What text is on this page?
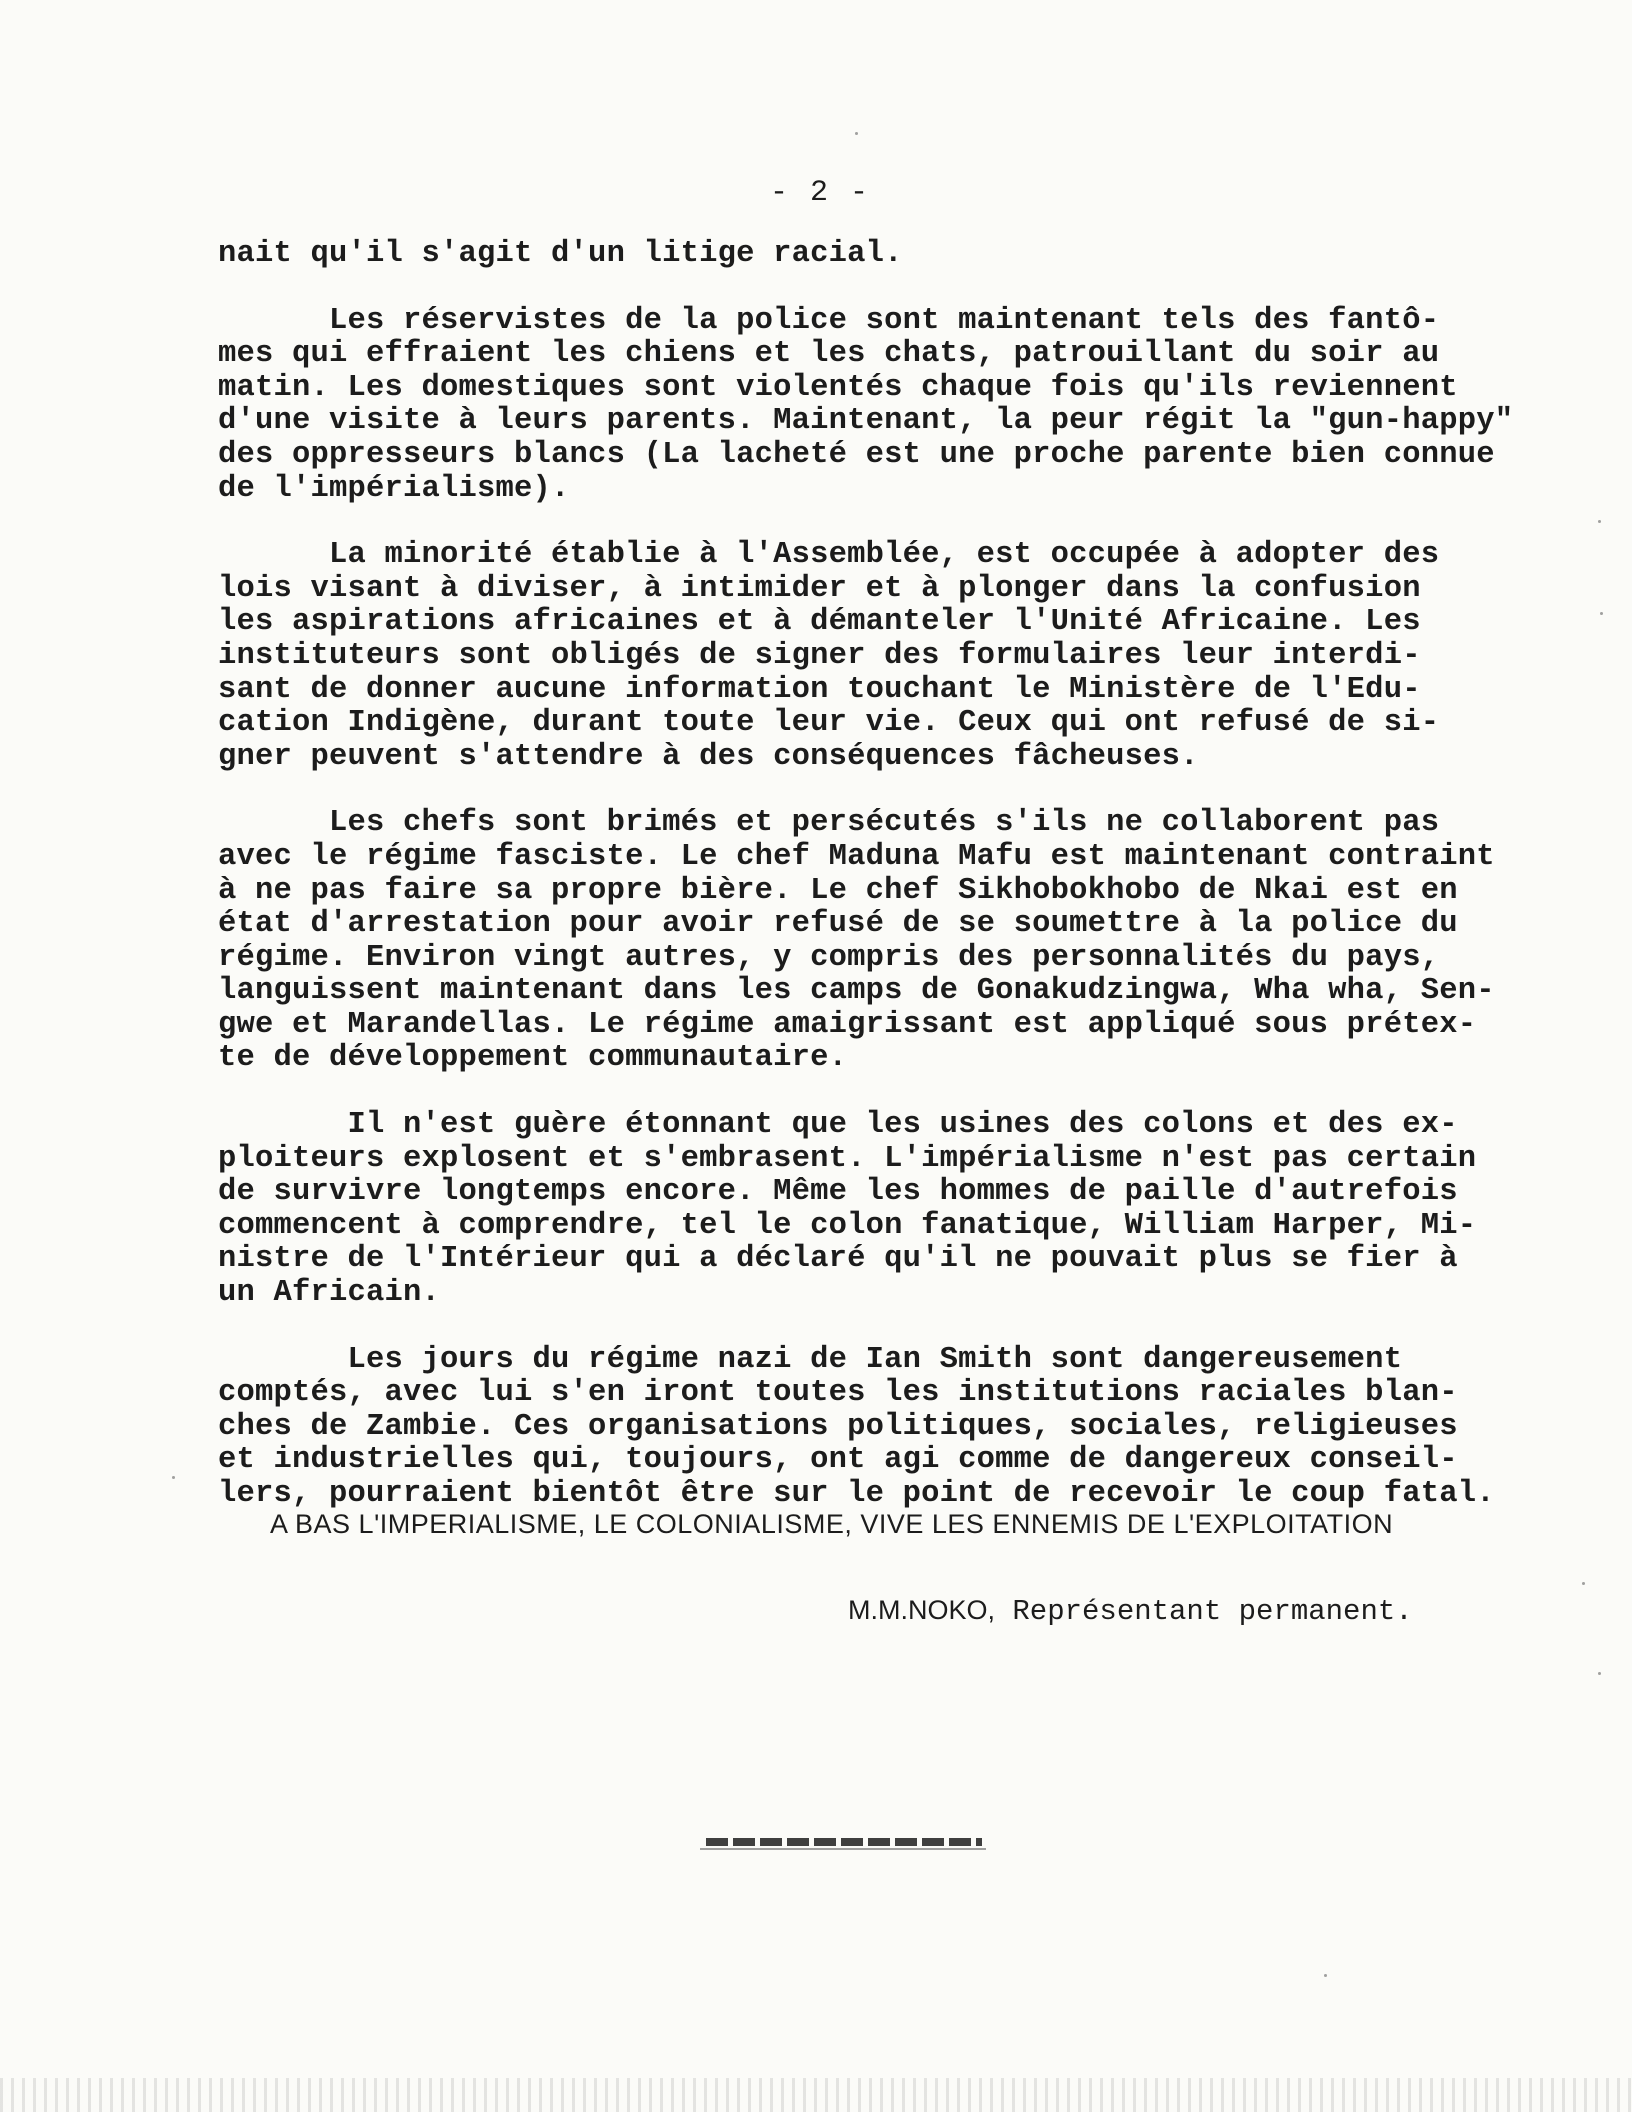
- 2 -
nait qu'il s'agit d'un litige racial.
Les réservistes de la police sont maintenant tels des fantô-
mes qui effraient les chiens et les chats, patrouillant du soir au
matin. Les domestiques sont violentés chaque fois qu'ils reviennent
d'une visite à leurs parents. Maintenant, la peur régit la "gun-happy"
des oppresseurs blancs (La lacheté est une proche parente bien connue
de l'impérialisme).
La minorité établie à l'Assemblée, est occupée à adopter des
lois visant à diviser, à intimider et à plonger dans la confusion
les aspirations africaines et à démanteler l'Unité Africaine. Les
instituteurs sont obligés de signer des formulaires leur interdi-
sant de donner aucune information touchant le Ministère de l'Edu-
cation Indigène, durant toute leur vie. Ceux qui ont refusé de si-
gner peuvent s'attendre à des conséquences fâcheuses.
Les chefs sont brimés et persécutés s'ils ne collaborent pas
avec le régime fasciste. Le chef Maduna Mafu est maintenant contraint
à ne pas faire sa propre bière. Le chef Sikhobokhobo de Nkai est en
état d'arrestation pour avoir refusé de se soumettre à la police du
régime. Environ vingt autres, y compris des personnalités du pays,
languissent maintenant dans les camps de Gonakudzingwa, Wha wha, Sen-
gwe et Marandellas. Le régime amaigrissant est appliqué sous prétex-
te de développement communautaire.
Il n'est guère étonnant que les usines des colons et des ex-
ploiteurs explosent et s'embrasent. L'impérialisme n'est pas certain
de survivre longtemps encore. Même les hommes de paille d'autrefois
commencent à comprendre, tel le colon fanatique, William Harper, Mi-
nistre de l'Intérieur qui a déclaré qu'il ne pouvait plus se fier à
un Africain.
Les jours du régime nazi de Ian Smith sont dangereusement
comptés, avec lui s'en iront toutes les institutions raciales blan-
ches de Zambie. Ces organisations politiques, sociales, religieuses
et industrielles qui, toujours, ont agi comme de dangereux conseil-
lers, pourraient bientôt être sur le point de recevoir le coup fatal.
A BAS L'IMPERIALISME, LE COLONIALISME, VIVE LES ENNEMIS DE L'EXPLOITATION
M.M.NOKO, Représentant permanent.
